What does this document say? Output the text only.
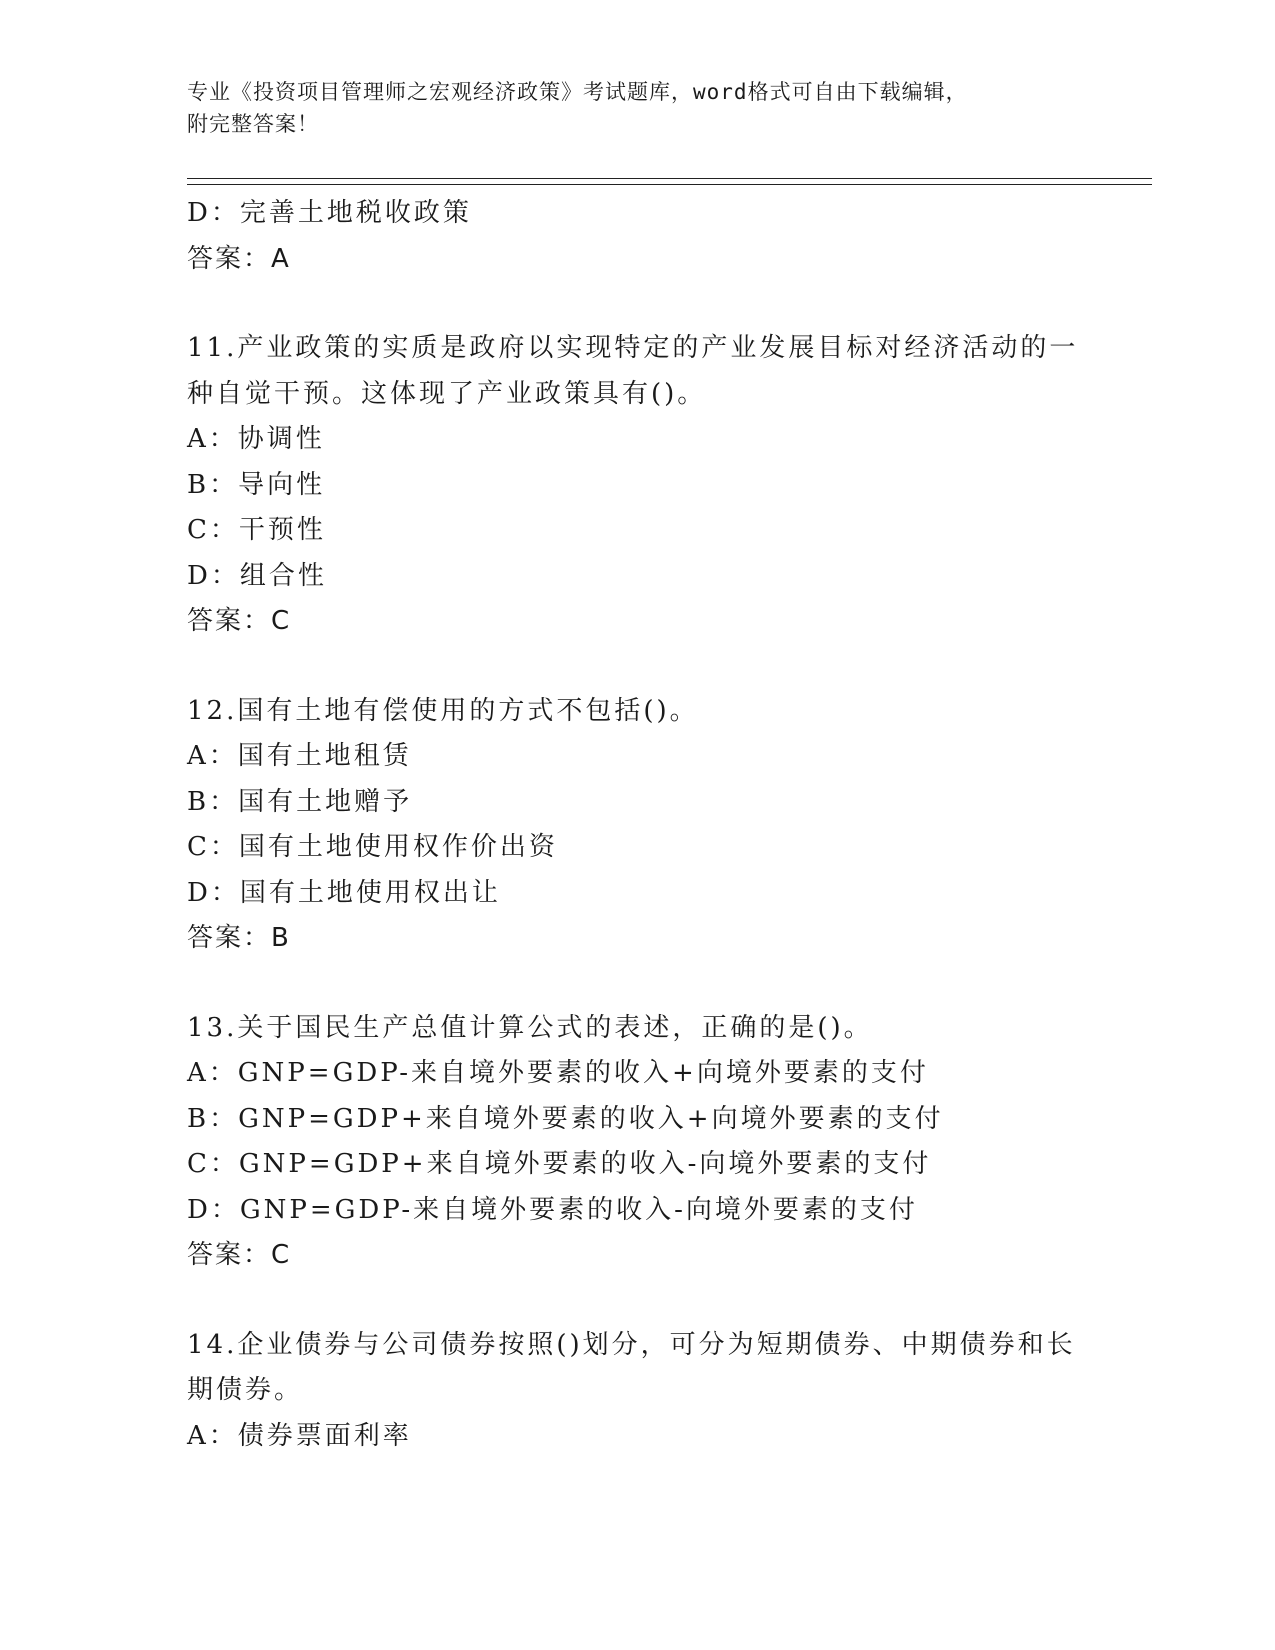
专业《投资项目管理师之宏观经济政策》考试题库，word格式可自由下载编辑，
附完整答案！
D：完善土地税收政策
答案：A
11.产业政策的实质是政府以实现特定的产业发展目标对经济活动的一
种自觉干预。这体现了产业政策具有()。
A：协调性
B：导向性
C：干预性
D：组合性
答案：C
12.国有土地有偿使用的方式不包括()。
A：国有土地租赁
B：国有土地赠予
C：国有土地使用权作价出资
D：国有土地使用权出让
答案：B
13.关于国民生产总值计算公式的表述，正确的是()。
A：GNP=GDP-来自境外要素的收入+向境外要素的支付
B：GNP=GDP+来自境外要素的收入+向境外要素的支付
C：GNP=GDP+来自境外要素的收入-向境外要素的支付
D：GNP=GDP-来自境外要素的收入-向境外要素的支付
答案：C
14.企业债券与公司债券按照()划分，可分为短期债券、中期债券和长
期债券。
A：债券票面利率
